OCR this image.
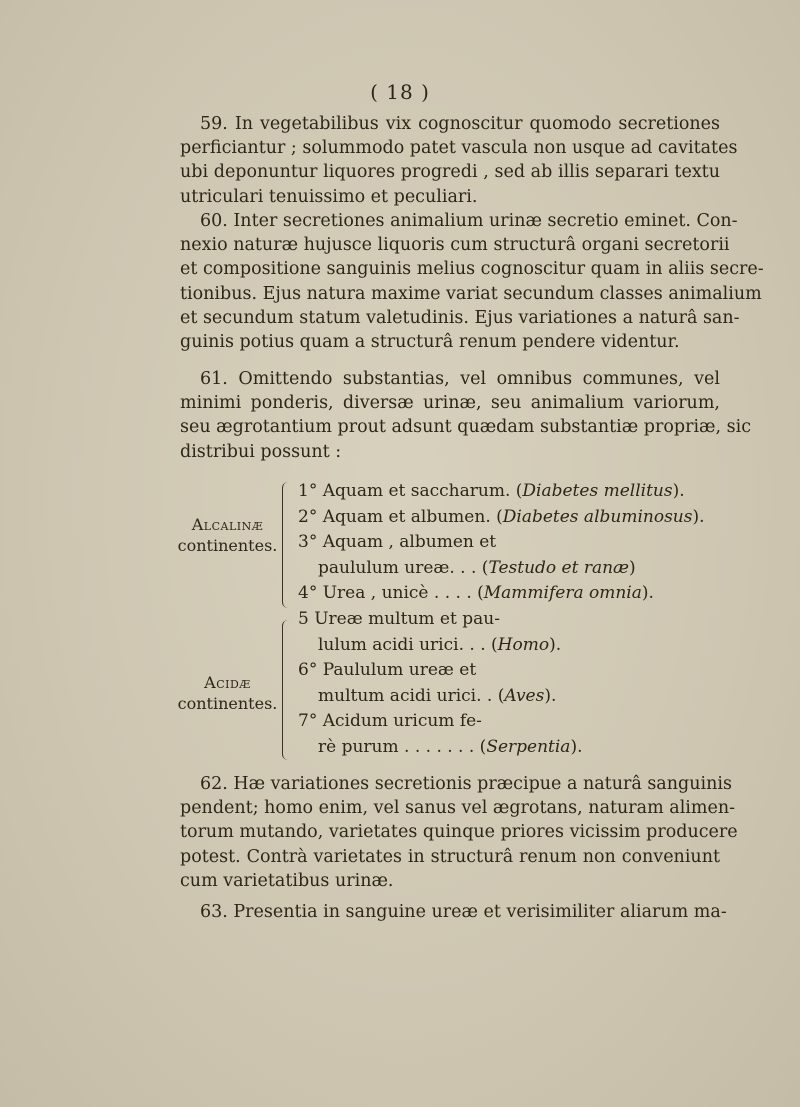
( 18 )
59. In vegetabilibus vix cognoscitur quomodo secretiones
perficiantur ; solummodo patet vascula non usque ad cavitates
ubi deponuntur liquores progredi , sed ab illis separari textu
utriculari tenuissimo et peculiari.
60. Inter secretiones animalium urinæ secretio eminet. Con-
nexio naturæ hujusce liquoris cum structurâ organi secretorii
et compositione sanguinis melius cognoscitur quam in aliis secre-
tionibus. Ejus natura maxime variat secundum classes animalium
et secundum statum valetudinis. Ejus variationes a naturâ san-
guinis potius quam a structurâ renum pendere videntur.
61. Omittendo substantias, vel omnibus communes, vel
minimi ponderis, diversæ urinæ, seu animalium variorum,
seu ægrotantium prout adsunt quædam substantiæ propriæ, sic
distribui possunt :
Alcalinæ
continentes.
1° Aquam et saccharum. (Diabetes mellitus).
2° Aquam et albumen. (Diabetes albuminosus).
3° Aquam , albumen et
paululum ureæ. . . (Testudo et ranæ)
4° Urea , unicè . . . . (Mammifera omnia).
Acidæ
continentes.
5 Ureæ multum et pau-
lulum acidi urici. . . (Homo).
6° Paululum ureæ et
multum acidi urici. . (Aves).
7° Acidum uricum fe-
rè purum . . . . . . . (Serpentia).
62. Hæ variationes secretionis præcipue a naturâ sanguinis
pendent; homo enim, vel sanus vel ægrotans, naturam alimen-
torum mutando, varietates quinque priores vicissim producere
potest. Contrà varietates in structurâ renum non conveniunt
cum varietatibus urinæ.
63. Presentia in sanguine ureæ et verisimiliter aliarum ma-
